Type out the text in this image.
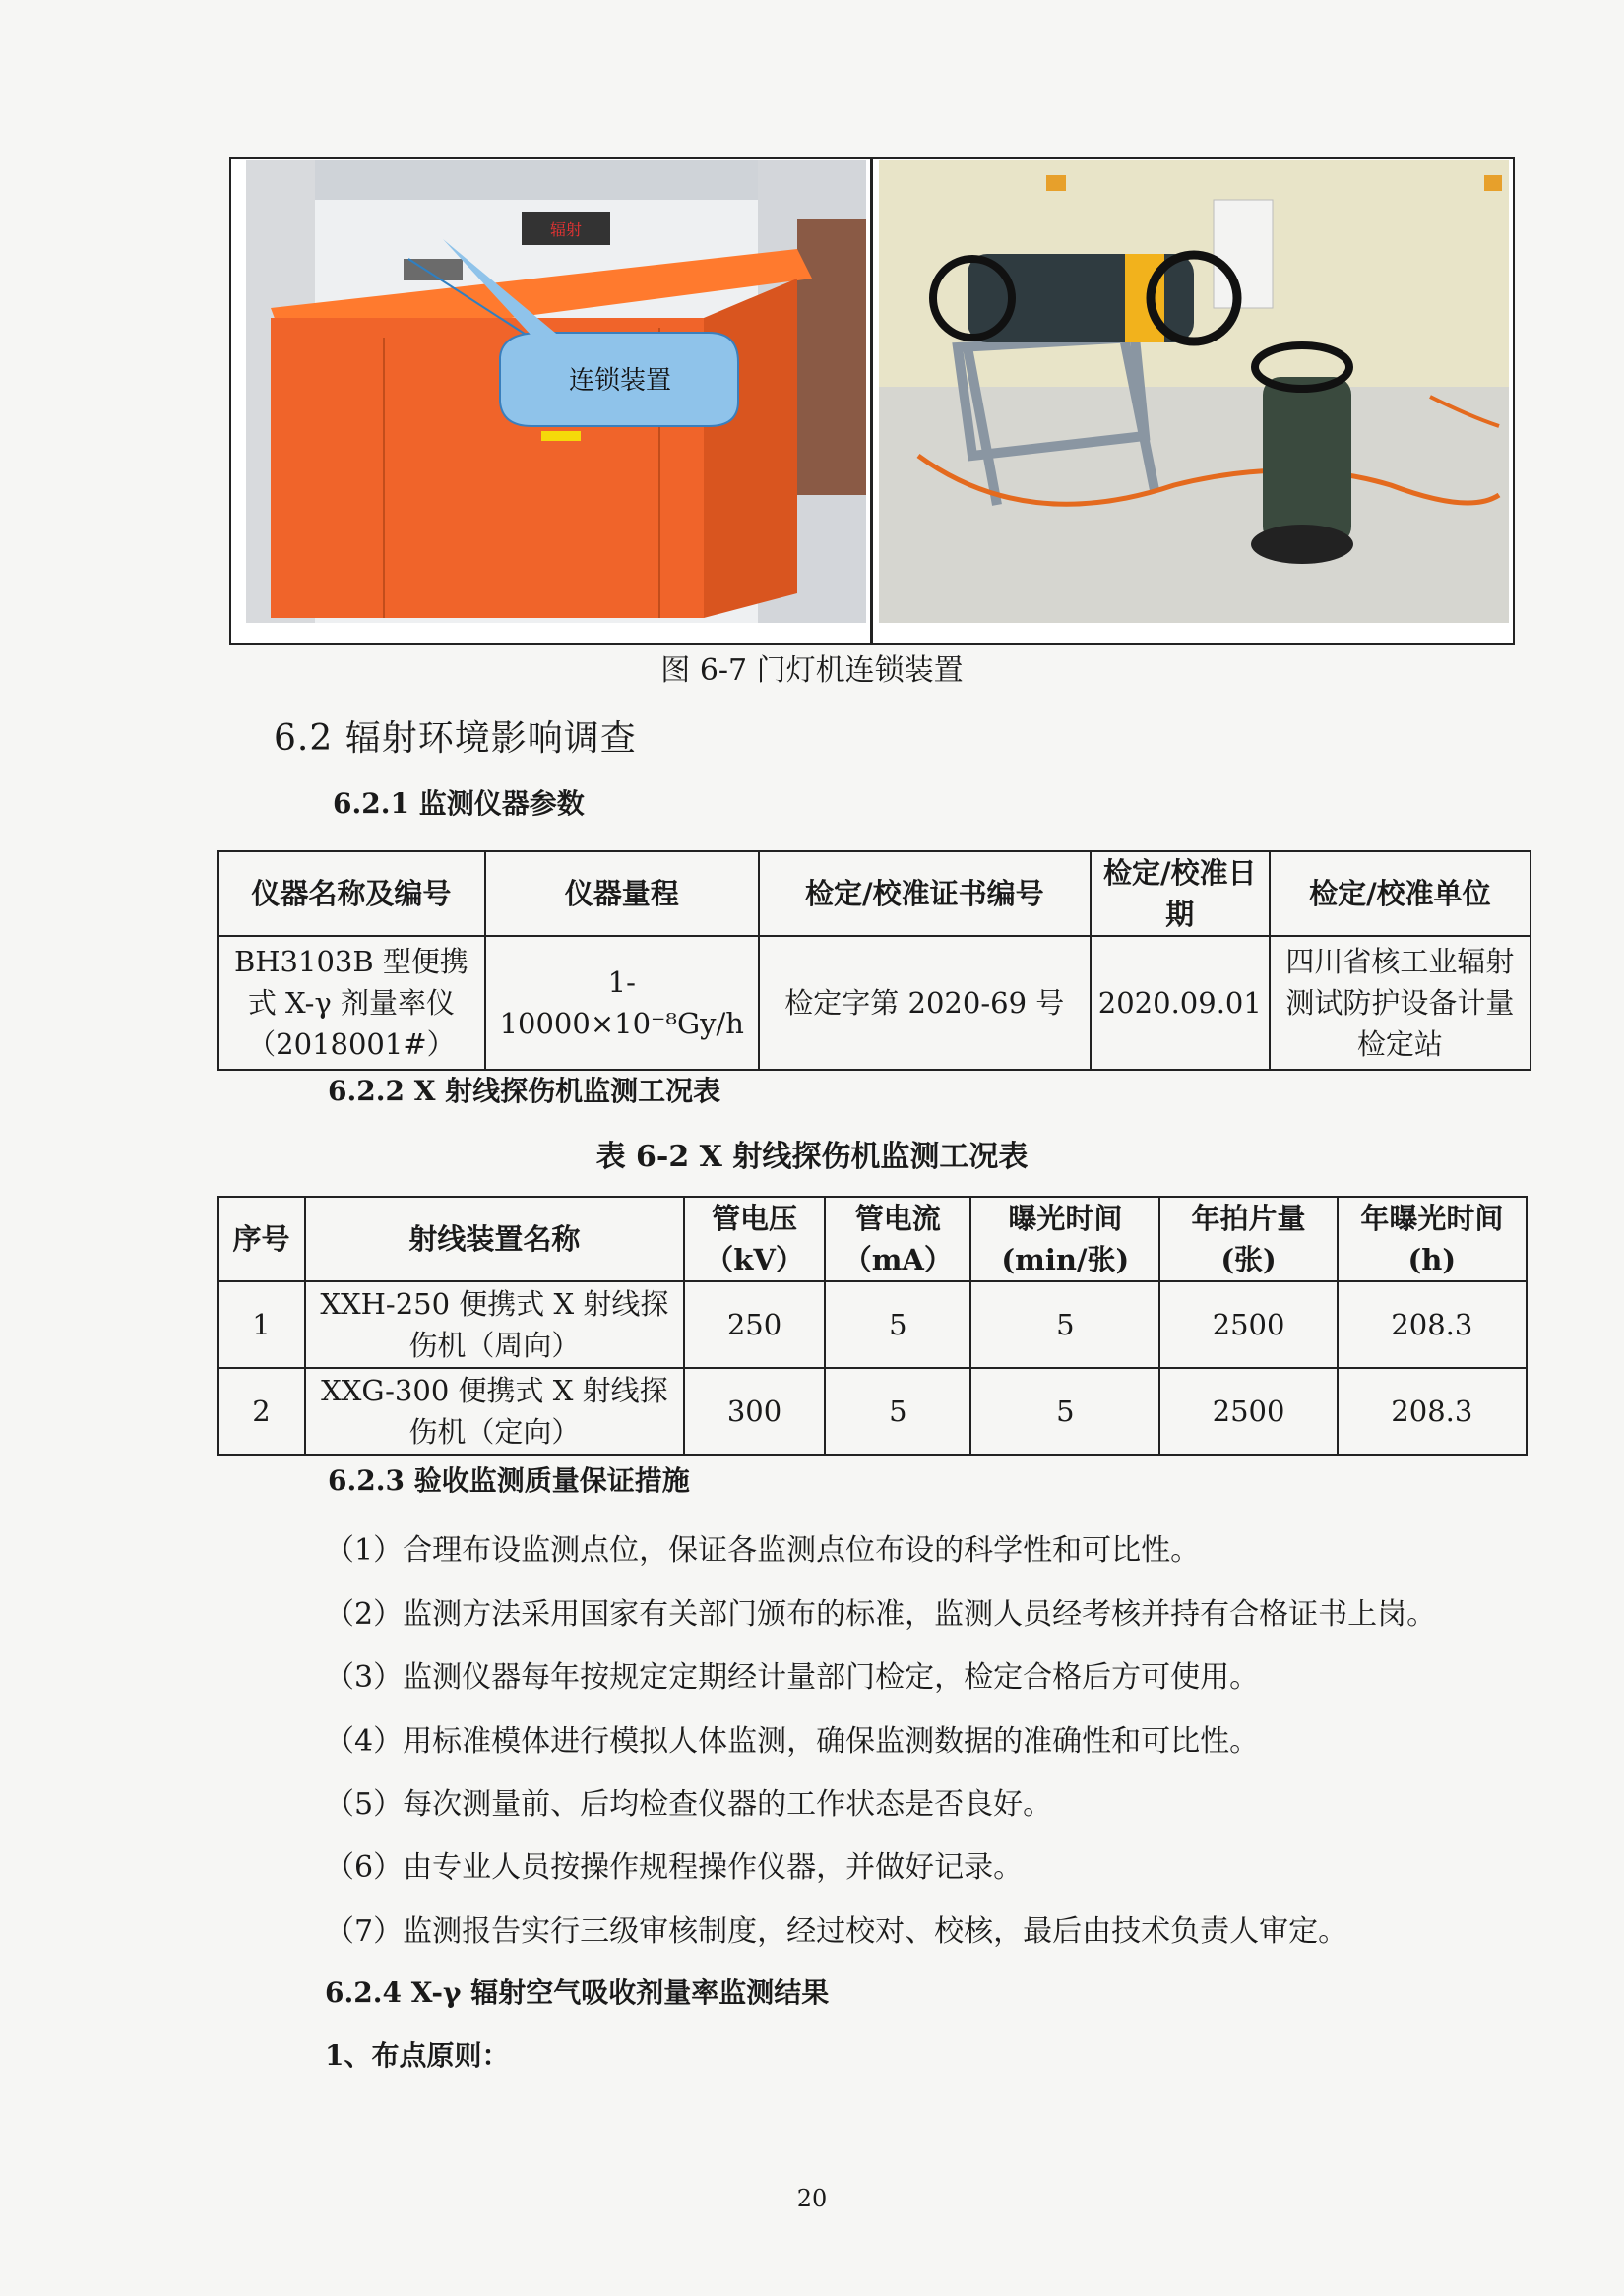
辐射
连锁装置
图 6-7 门灯机连锁装置
6.2 辐射环境影响调查
6.2.1 监测仪器参数
仪器名称及编号	仪器量程	检定/校准证书编号	检定/校准日期	检定/校准单位
BH3103B 型便携式 X-γ 剂量率仪（2018001#）	1-10000×10⁻⁸Gy/h	检定字第 2020-69 号	2020.09.01	四川省核工业辐射测试防护设备计量检定站
6.2.2 X 射线探伤机监测工况表
表 6-2 X 射线探伤机监测工况表
序号	射线装置名称	管电压（kV）	管电流（mA）	曝光时间(min/张)	年拍片量(张)	年曝光时间(h)
1	XXH-250 便携式 X 射线探伤机（周向）	250	5	5	2500	208.3
2	XXG-300 便携式 X 射线探伤机（定向）	300	5	5	2500	208.3
6.2.3 验收监测质量保证措施
（1）合理布设监测点位，保证各监测点位布设的科学性和可比性。
（2）监测方法采用国家有关部门颁布的标准，监测人员经考核并持有合格证书上岗。
（3）监测仪器每年按规定定期经计量部门检定，检定合格后方可使用。
（4）用标准模体进行模拟人体监测，确保监测数据的准确性和可比性。
（5）每次测量前、后均检查仪器的工作状态是否良好。
（6）由专业人员按操作规程操作仪器，并做好记录。
（7）监测报告实行三级审核制度，经过校对、校核，最后由技术负责人审定。
6.2.4 X-γ 辐射空气吸收剂量率监测结果
1、布点原则：
20
